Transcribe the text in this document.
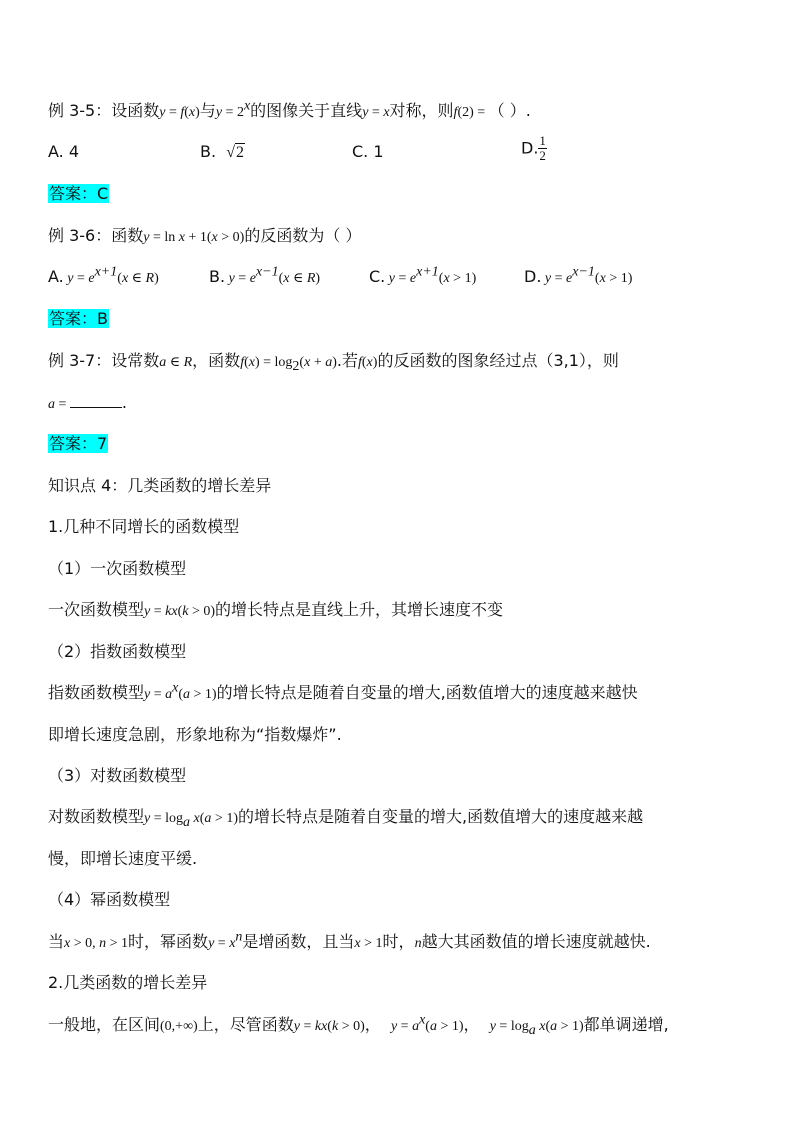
例 3-5：设函数y = f(x)与$y = 2^x$的图像关于直线y = x对称，则f(2) = （ ）.
A. 4	B. √2	C. 1	D. $\frac{1}{2}$
答案：C
例 3-6：函数y = ln x + 1(x > 0)的反函数为（ ）
A. $y = e^{x+1}(x$ ∈ R)	B. $y = e^{x-1}(x$ ∈ R)	C. $y = e^{x+1}(x > 1)$	D. $y = e^{x-1}(x > 1)$
答案：B
例 3-7：设常数a ∈ R，函数$f(x) = \log_2(x + a)$.若f(x)的反函数的图象经过点（3,1），则
a =	.
答案：7
知识点 4：几类函数的增长差异
1.几种不同增长的函数模型
（1）一次函数模型
一次函数模型y = kx(k > 0)的增长特点是直线上升，其增长速度不变
（2）指数函数模型
指数函数模型$y = a^x(a > 1)$的增长特点是随着自变量的增大,函数值增大的速度越来越快
即增长速度急剧，形象地称为“指数爆炸”.
（3）对数函数模型
对数函数模型$y = \log_a x(a > 1)$的增长特点是随着自变量的增大,函数值增大的速度越来越
慢，即增长速度平缓.
（4）幂函数模型
当x > 0, n > 1时，幂函数$y = x^n$是增函数，且当x > 1时，n越大其函数值的增长速度就越快.
2.几类函数的增长差异
一般地，在区间(0,+∞)上，尽管函数y = kx(k > 0)， $y = a^x(a > 1)$， $y = \log_a x(a > 1)$都单调递增,
